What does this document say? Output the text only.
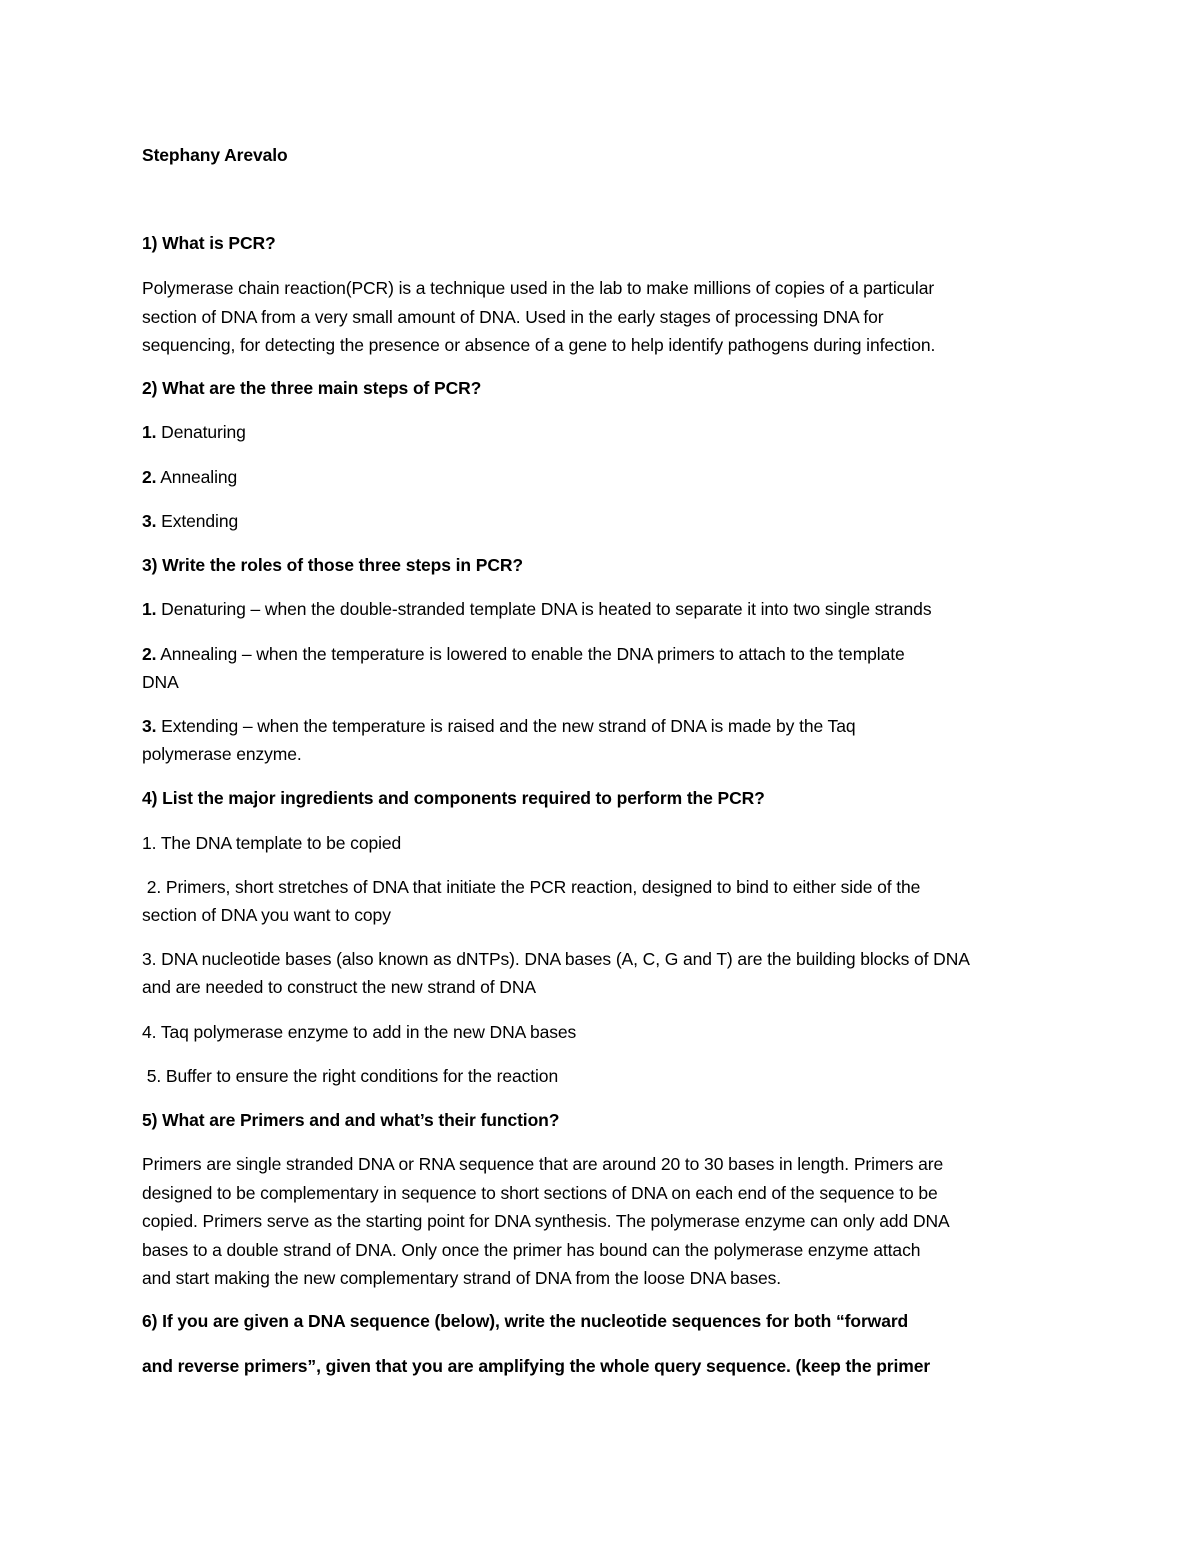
Stephany Arevalo
1) What is PCR?
Polymerase chain reaction(PCR) is a technique used in the lab to make millions of copies of a particular
section of DNA from a very small amount of DNA. Used in the early stages of processing DNA for
sequencing, for detecting the presence or absence of a gene to help identify pathogens during infection.
2) What are the three main steps of PCR?
1. Denaturing
2. Annealing
3. Extending
3) Write the roles of those three steps in PCR?
1. Denaturing – when the double-stranded template DNA is heated to separate it into two single strands
2. Annealing – when the temperature is lowered to enable the DNA primers to attach to the template
DNA
3. Extending – when the temperature is raised and the new strand of DNA is made by the Taq
polymerase enzyme.
4) List the major ingredients and components required to perform the PCR?
1. The DNA template to be copied
2. Primers, short stretches of DNA that initiate the PCR reaction, designed to bind to either side of the
section of DNA you want to copy
3. DNA nucleotide bases (also known as dNTPs). DNA bases (A, C, G and T) are the building blocks of DNA
and are needed to construct the new strand of DNA
4. Taq polymerase enzyme to add in the new DNA bases
5. Buffer to ensure the right conditions for the reaction
5) What are Primers and and what’s their function?
Primers are single stranded DNA or RNA sequence that are around 20 to 30 bases in length. Primers are
designed to be complementary in sequence to short sections of DNA on each end of the sequence to be
copied. Primers serve as the starting point for DNA synthesis. The polymerase enzyme can only add DNA
bases to a double strand of DNA. Only once the primer has bound can the polymerase enzyme attach
and start making the new complementary strand of DNA from the loose DNA bases.
6) If you are given a DNA sequence (below), write the nucleotide sequences for both “forward
and reverse primers”, given that you are amplifying the whole query sequence. (keep the primer
